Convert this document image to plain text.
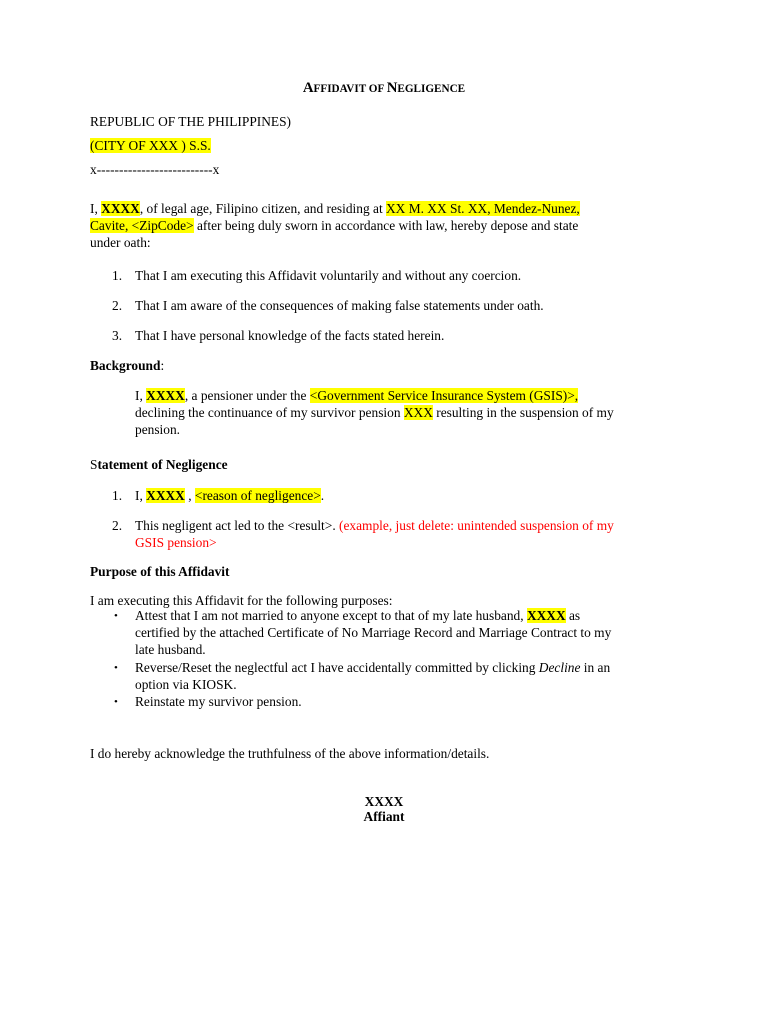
AFFIDAVIT OF NEGLIGENCE
REPUBLIC OF THE PHILIPPINES)
(CITY OF XXX ) S.S.
x--------------------------x
I, XXXX, of legal age, Filipino citizen, and residing at XX M. XX St. XX, Mendez-Nunez,
Cavite, <ZipCode> after being duly sworn in accordance with law, hereby depose and state
under oath:
1. That I am executing this Affidavit voluntarily and without any coercion.
2. That I am aware of the consequences of making false statements under oath.
3. That I have personal knowledge of the facts stated herein.
Background:
I, XXXX, a pensioner under the <Government Service Insurance System (GSIS)>,
declining the continuance of my survivor pension XXX resulting in the suspension of my
pension.
Statement of Negligence
1. I, XXXX , <reason of negligence>.
2. This negligent act led to the <result>. (example, just delete: unintended suspension of my
GSIS pension>
Purpose of this Affidavit
I am executing this Affidavit for the following purposes:
• Attest that I am not married to anyone except to that of my late husband, XXXX as
certified by the attached Certificate of No Marriage Record and Marriage Contract to my
late husband.
• Reverse/Reset the neglectful act I have accidentally committed by clicking Decline in an
option via KIOSK.
• Reinstate my survivor pension.
I do hereby acknowledge the truthfulness of the above information/details.
XXXX
Affiant
